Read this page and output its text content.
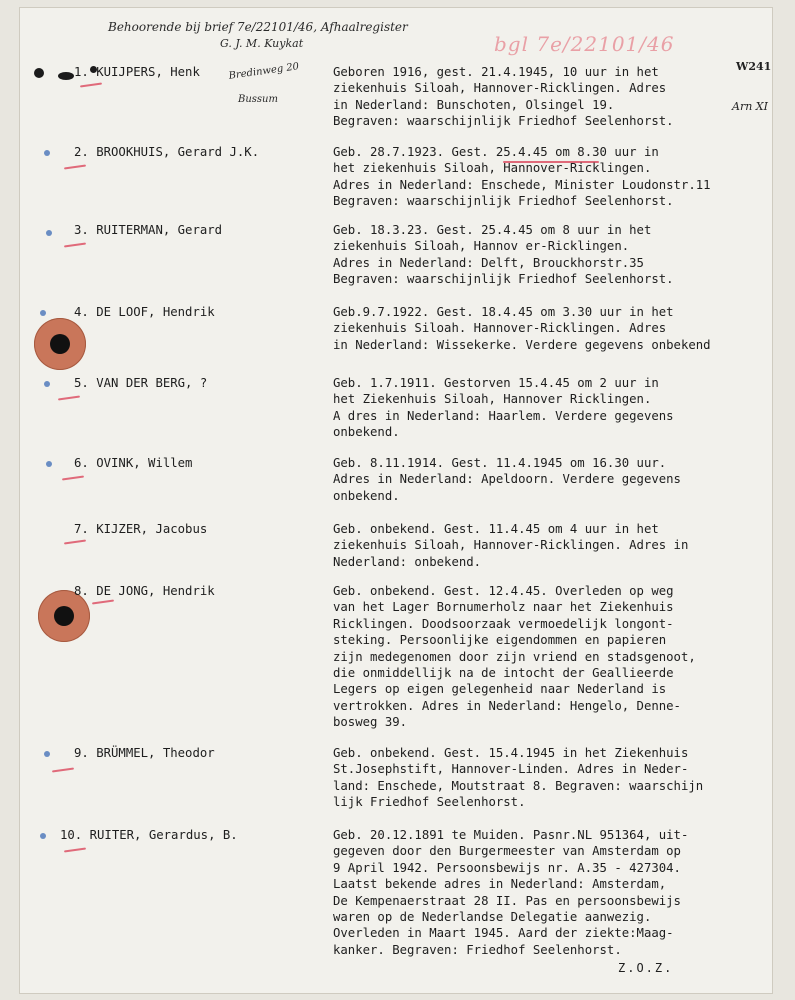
Behoorende bij brief 7e/22101/46, Afhaalregister
G. J. M. Kuykat
Bredinweg 20
Bussum
bgl 7e/22101/46
W241
Arn XI
1. KUIJPERS, Henk	Geboren 1916, gest. 21.4.1945, 10 uur in het
ziekenhuis Siloah, Hannover-Ricklingen. Adres
in Nederland: Bunschoten, Olsingel 19.
Begraven: waarschijnlijk Friedhof Seelenhorst.
2. BROOKHUIS, Gerard J.K.	Geb. 28.7.1923. Gest. 25.4.45 om 8.30 uur in
het ziekenhuis Siloah, Hannover-Ricklingen.
Adres in Nederland: Enschede, Minister Loudonstr.11
Begraven: waarschijnlijk Friedhof Seelenhorst.
3. RUITERMAN, Gerard	Geb. 18.3.23. Gest. 25.4.45 om 8 uur in het
ziekenhuis Siloah, Hannov er-Ricklingen.
Adres in Nederland: Delft, Brouckhorstr.35
Begraven: waarschijnlijk Friedhof Seelenhorst.
4. DE LOOF, Hendrik	Geb.9.7.1922. Gest. 18.4.45 om 3.30 uur in het
ziekenhuis Siloah. Hannover-Ricklingen. Adres
in Nederland: Wissekerke. Verdere gegevens onbekend
5. VAN DER BERG, ?	Geb. 1.7.1911. Gestorven 15.4.45 om 2 uur in
het Ziekenhuis Siloah, Hannover Ricklingen.
A dres in Nederland: Haarlem. Verdere gegevens
onbekend.
6. OVINK, Willem	Geb. 8.11.1914. Gest. 11.4.1945 om 16.30 uur.
Adres in Nederland: Apeldoorn. Verdere gegevens
onbekend.
7. KIJZER, Jacobus	Geb. onbekend. Gest. 11.4.45 om 4 uur in het
ziekenhuis Siloah, Hannover-Ricklingen. Adres in
Nederland: onbekend.
8. DE JONG, Hendrik	Geb. onbekend. Gest. 12.4.45. Overleden op weg
van het Lager Bornumerholz naar het Ziekenhuis
Ricklingen. Doodsoorzaak vermoedelijk longont-
steking. Persoonlijke eigendommen en papieren
zijn medegenomen door zijn vriend en stadsgenoot,
die onmiddellijk na de intocht der Geallieerde
Legers op eigen gelegenheid naar Nederland is
vertrokken. Adres in Nederland: Hengelo, Denne-
bosweg 39.
9. BRÜMMEL, Theodor	Geb. onbekend. Gest. 15.4.1945 in het Ziekenhuis
St.Josephstift, Hannover-Linden. Adres in Neder-
land: Enschede, Moutstraat 8. Begraven: waarschijn
lijk Friedhof Seelenhorst.
10. RUITER, Gerardus, B.	Geb. 20.12.1891 te Muiden. Pasnr.NL 951364, uit-
gegeven door den Burgermeester van Amsterdam op
9 April 1942. Persoonsbewijs nr. A.35 - 427304.
Laatst bekende adres in Nederland: Amsterdam,
De Kempenaerstraat 28 II. Pas en persoonsbewijs
waren op de Nederlandse Delegatie aanwezig.
Overleden in Maart 1945. Aard der ziekte:Maag-
kanker. Begraven: Friedhof Seelenhorst.
Z.O.Z.
